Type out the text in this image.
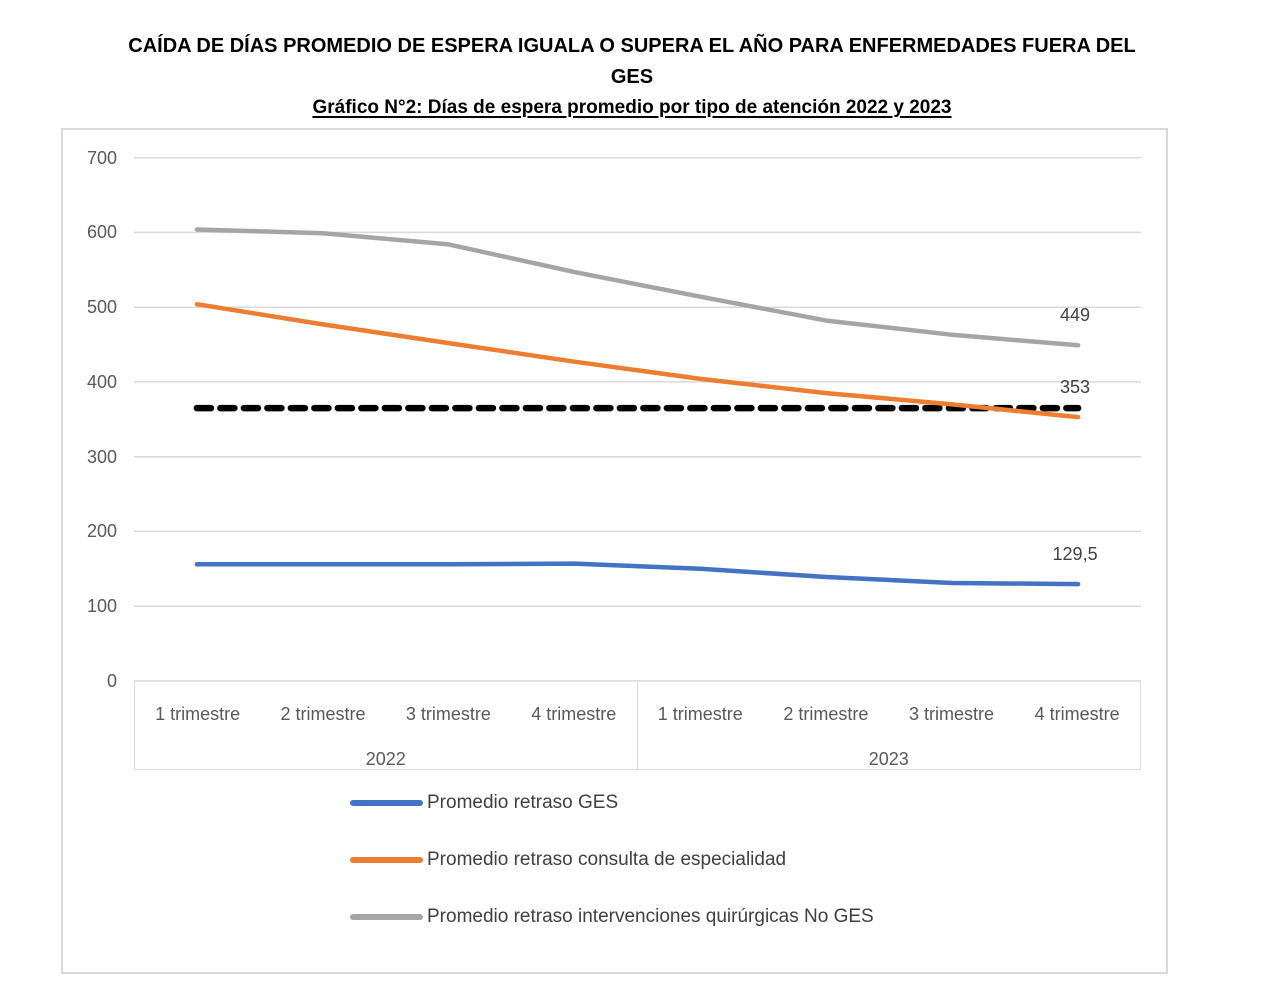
CAÍDA DE DÍAS PROMEDIO DE ESPERA IGUALA O SUPERA EL AÑO PARA ENFERMEDADES FUERA DEL
GES
Gráfico N°2: Días de espera promedio por tipo de atención 2022 y 2023
700
600
500
400
300
200
100
0
1 trimestre	2 trimestre	3 trimestre	4 trimestre
2022
1 trimestre	2 trimestre	3 trimestre	4 trimestre
2023
129,5
353
449
Promedio retraso GES
Promedio retraso consulta de especialidad
Promedio retraso intervenciones quirúrgicas No GES
